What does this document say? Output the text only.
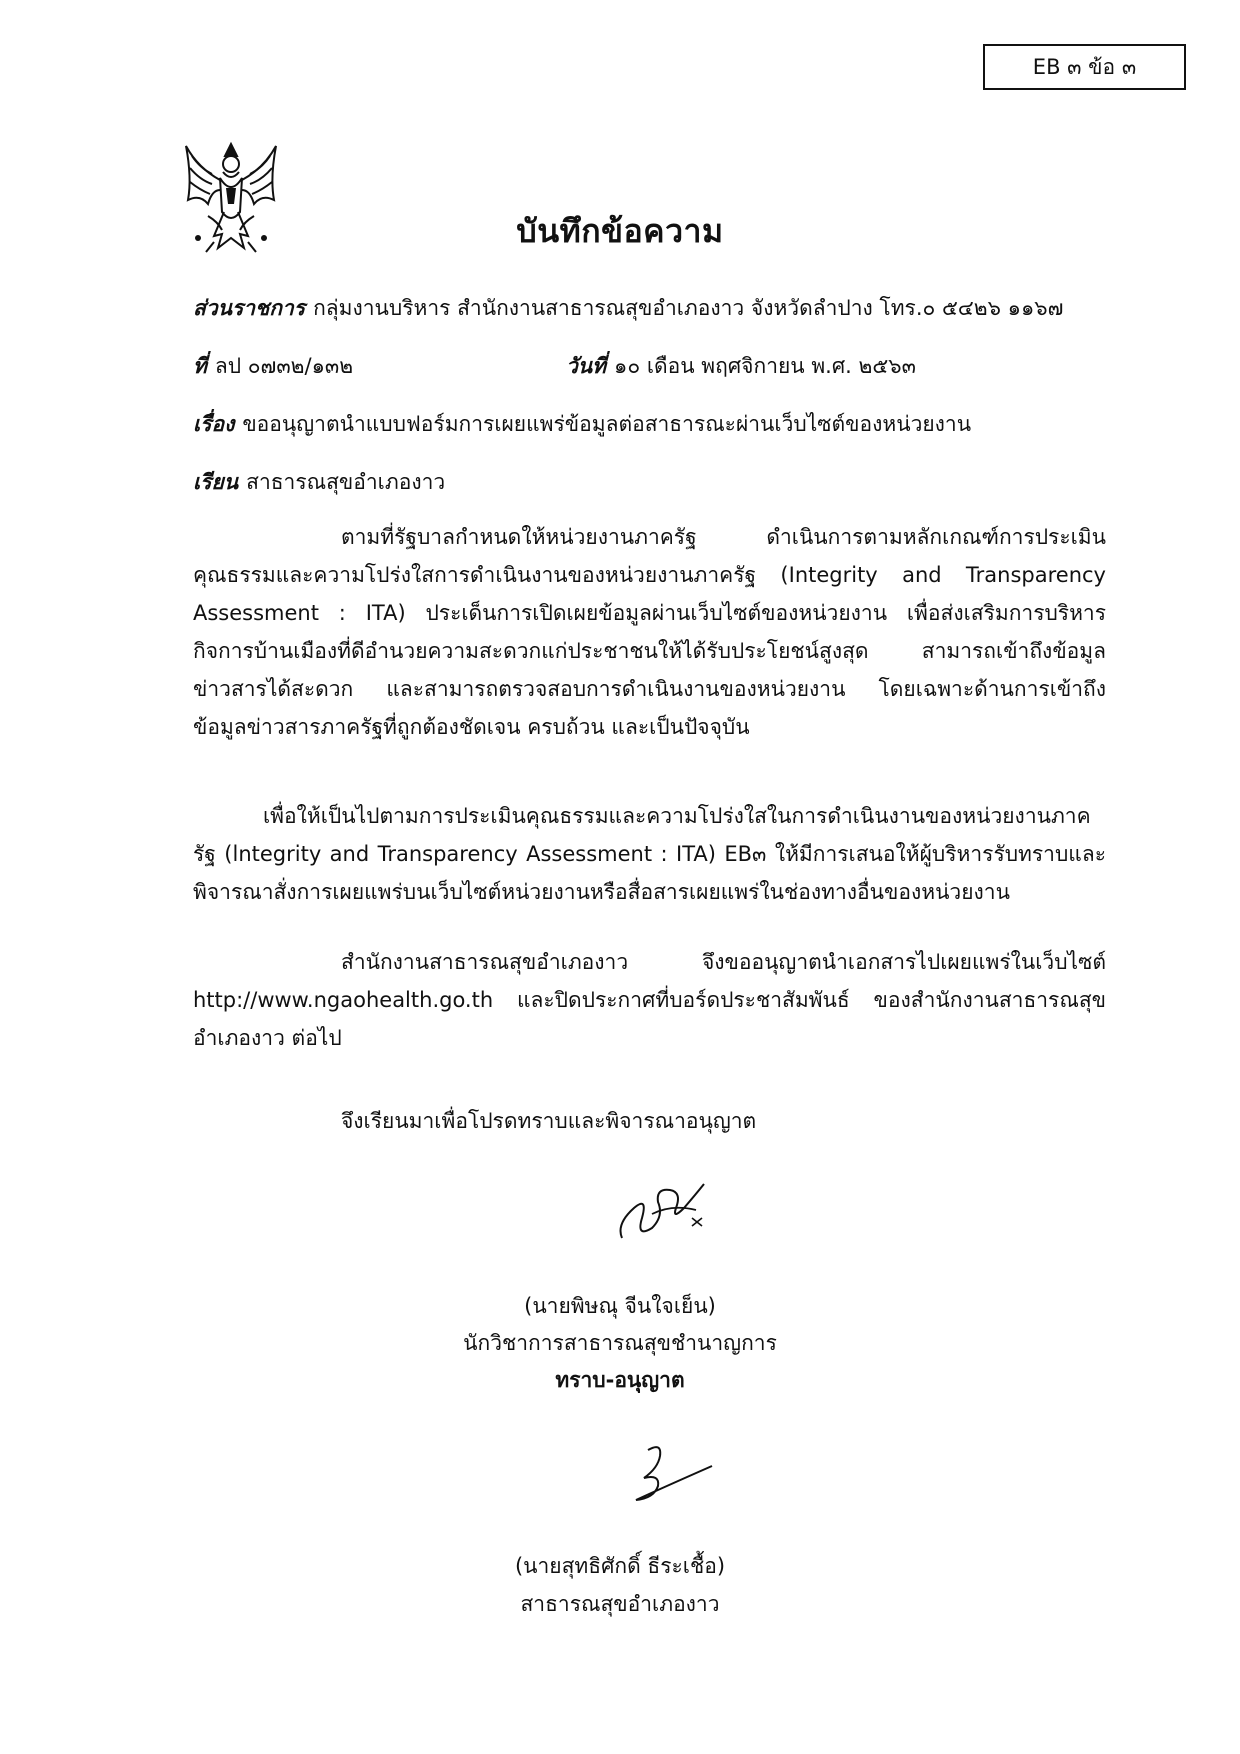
EB ๓ ข้อ ๓
บันทึกข้อความ
ส่วนราชการ กลุ่มงานบริหาร สำนักงานสาธารณสุขอำเภองาว จังหวัดลำปาง โทร.๐ ๕๔๒๖ ๑๑๖๗
ที่ ลป ๐๗๓๒/๑๓๒	วันที่ ๑๐ เดือน พฤศจิกายน พ.ศ. ๒๕๖๓
เรื่อง ขออนุญาตนำแบบฟอร์มการเผยแพร่ข้อมูลต่อสาธารณะผ่านเว็บไซต์ของหน่วยงาน
เรียน สาธารณสุขอำเภองาว

ตามที่รัฐบาลกำหนดให้หน่วยงานภาครัฐ ดำเนินการตามหลักเกณฑ์การประเมินคุณธรรมและความโปร่งใสการดำเนินงานของหน่วยงานภาครัฐ (Integrity and Transparency Assessment : ITA) ประเด็นการเปิดเผยข้อมูลผ่านเว็บไซต์ของหน่วยงาน เพื่อส่งเสริมการบริหารกิจการบ้านเมืองที่ดีอำนวยความสะดวกแก่ประชาชนให้ได้รับประโยชน์สูงสุด สามารถเข้าถึงข้อมูลข่าวสารได้สะดวก และสามารถตรวจสอบการดำเนินงานของหน่วยงาน โดยเฉพาะด้านการเข้าถึงข้อมูลข่าวสารภาครัฐที่ถูกต้องชัดเจน ครบถ้วน และเป็นปัจจุบัน

เพื่อให้เป็นไปตามการประเมินคุณธรรมและความโปร่งใสในการดำเนินงานของหน่วยงานภาครัฐ (lntegrity and Transparency Assessment : ITA) EB๓ ให้มีการเสนอให้ผู้บริหารรับทราบและพิจารณาสั่งการเผยแพร่บนเว็บไซต์หน่วยงานหรือสื่อสารเผยแพร่ในช่องทางอื่นของหน่วยงาน

สำนักงานสาธารณสุขอำเภองาว จึงขออนุญาตนำเอกสารไปเผยแพร่ในเว็บไซต์ http://www.ngaohealth.go.th และปิดประกาศที่บอร์ดประชาสัมพันธ์ ของสำนักงานสาธารณสุขอำเภองาว ต่อไป

จึงเรียนมาเพื่อโปรดทราบและพิจารณาอนุญาต
(นายพิษณุ จีนใจเย็น)
นักวิชาการสาธารณสุขชำนาญการ
ทราบ-อนุญาต
(นายสุทธิศักดิ์ ธีระเชื้อ)
สาธารณสุขอำเภองาว
